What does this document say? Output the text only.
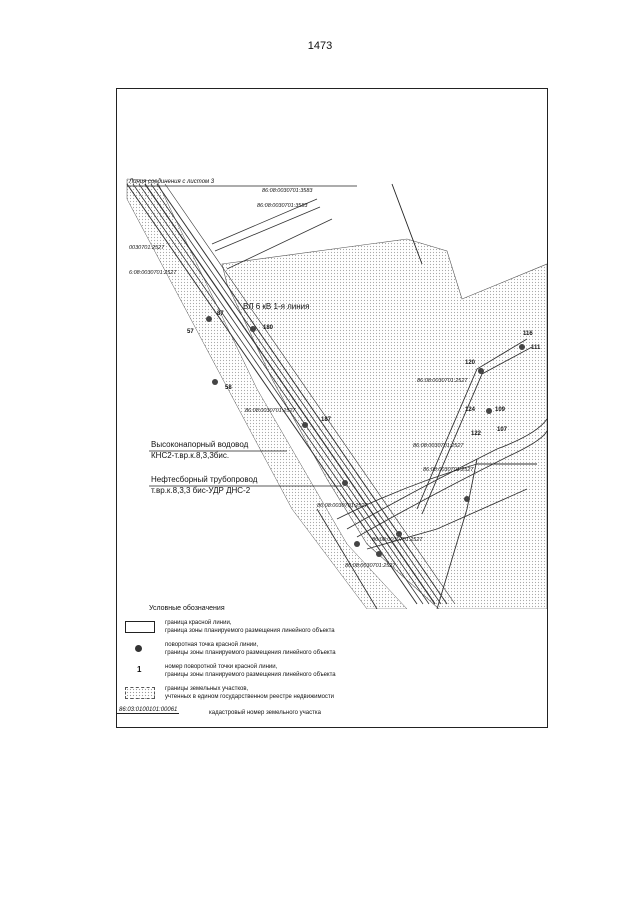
1473
Линия соединения с листом 3
86:08:0030701:3583
86:08:0030701:3583
0030701:2527
6:08:0030701:2527
ВЛ 6 кВ 1-я линия
86:08:0030701:2527
86:08:0030701:2527
86:08:0030701:2527
86:08:0030701:2527
86:08:0030701:2527
86:08:0030701:2527
86:08:0030701:2527
Высоконапорный водовод
КНС2-т.вр.к.8,3,3бис.
Нефтесборный трубопровод
т.вр.к.8,3,3 бис-УДР ДНС-2
187
180
58
57
87
116
111
120
124	109
107
122
Условные обозначения
граница красной линии,
граница зоны планируемого размещения линейного объекта
поворотная точка красной линии,
границы зоны планируемого размещения линейного объекта
1	номер поворотной точки красной линии,
границы зоны планируемого размещения линейного объекта
границы земельных участков,
учтенных в едином государственном реестре недвижимости
86:03:0100101:00061	кадастровый номер земельного участка
